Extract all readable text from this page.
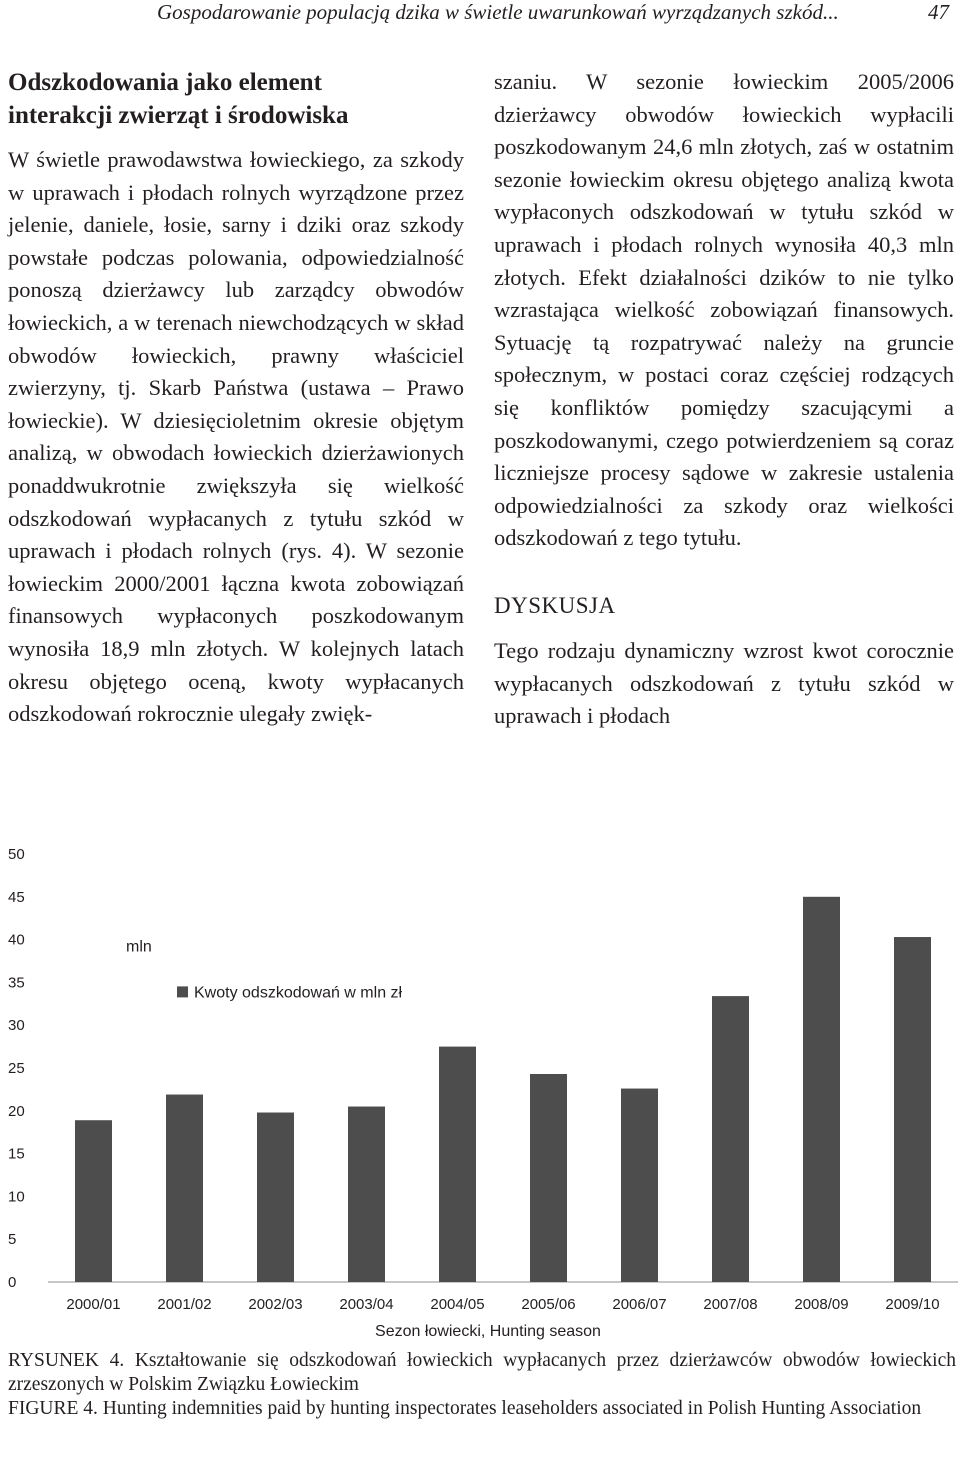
Gospodarowanie populacją dzika w świetle uwarunkowań wyrządzanych szkód...	47
Odszkodowania jako element
interakcji zwierząt i środowiska

W świetle prawodawstwa łowieckiego, za szkody w uprawach i płodach rolnych wyrządzone przez jelenie, daniele, łosie, sarny i dziki oraz szkody powstałe podczas polowania, odpowiedzialność ponoszą dzierżawcy lub zarządcy obwodów łowieckich, a w terenach niewchodzących w skład obwodów łowieckich, prawny właściciel zwierzyny, tj. Skarb Państwa (ustawa – Prawo łowieckie). W dziesięcioletnim okresie objętym analizą, w obwodach łowieckich dzierżawionych ponaddwukrotnie zwiększyła się wielkość odszkodowań wypłacanych z tytułu szkód w uprawach i płodach rolnych (rys. 4). W sezonie łowieckim 2000/2001 łączna kwota zobowiązań finansowych wypłaconych poszkodowanym wynosiła 18,9 mln złotych. W kolejnych latach okresu objętego oceną, kwoty wypłacanych odszkodowań rokrocznie ulegały zwięk-

szaniu. W sezonie łowieckim 2005/2006 dzierżawcy obwodów łowieckich wypłacili poszkodowanym 24,6 mln złotych, zaś w ostatnim sezonie łowieckim okresu objętego analizą kwota wypłaconych odszkodowań w tytułu szkód w uprawach i płodach rolnych wynosiła 40,3 mln złotych. Efekt działalności dzików to nie tylko wzrastająca wielkość zobowiązań finansowych. Sytuację tą rozpatrywać należy na gruncie społecznym, w postaci coraz częściej rodzących się konfliktów pomiędzy szacującymi a poszkodowanymi, czego potwierdzeniem są coraz liczniejsze procesy sądowe w zakresie ustalenia odpowiedzialności za szkody oraz wielkości odszkodowań z tego tytułu.

DYSKUSJA

Tego rodzaju dynamiczny wzrost kwot corocznie wypłacanych odszkodowań z tytułu szkód w uprawach i płodach

0
5
10
15
20
25
30
35
40
45
50
2000/01 2001/02 2002/03 2003/04 2004/05 2005/06 2006/07 2007/08 2008/09 2009/10
mln
Kwoty odszkodowań w mln zł
Sezon łowiecki, Hunting season

RYSUNEK 4. Kształtowanie się odszkodowań łowieckich wypłacanych przez dzierżawców obwodów łowieckich zrzeszonych w Polskim Związku Łowieckim

FIGURE 4. Hunting indemnities paid by hunting inspectorates leaseholders associated in Polish Hunting Association
